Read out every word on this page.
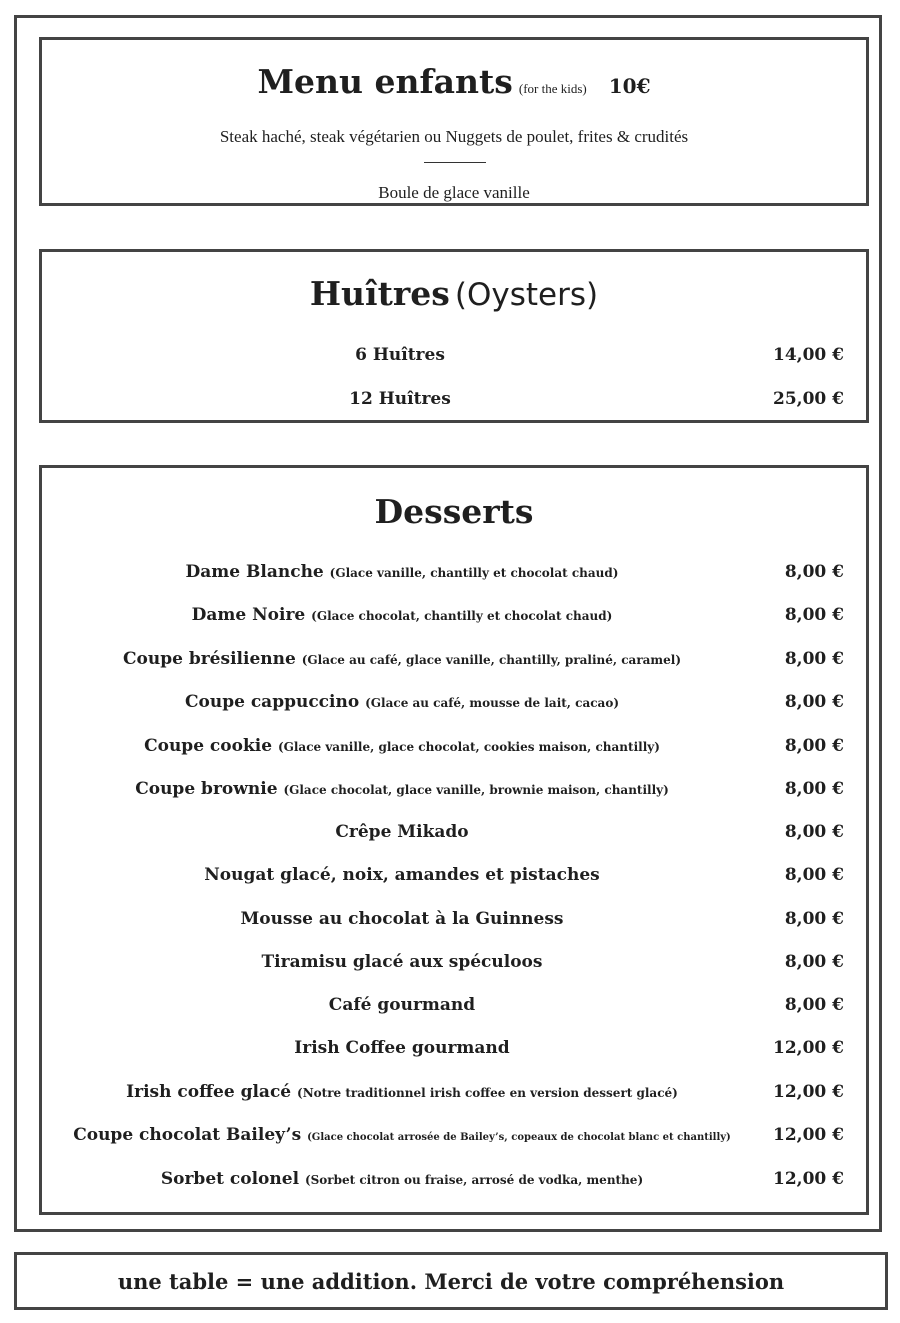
Menu enfants (for the kids) 10€
Steak haché, steak végétarien ou Nuggets de poulet, frites & crudités
Boule de glace vanille
Huîtres (Oysters)
6 Huîtres	14,00 €
12 Huîtres	25,00 €
Desserts
Dame Blanche (Glace vanille, chantilly et chocolat chaud)	8,00 €
Dame Noire (Glace chocolat, chantilly et chocolat chaud)	8,00 €
Coupe brésilienne (Glace au café, glace vanille, chantilly, praliné, caramel)	8,00 €
Coupe cappuccino (Glace au café, mousse de lait, cacao)	8,00 €
Coupe cookie (Glace vanille, glace chocolat, cookies maison, chantilly)	8,00 €
Coupe brownie (Glace chocolat, glace vanille, brownie maison, chantilly)	8,00 €
Crêpe Mikado	8,00 €
Nougat glacé, noix, amandes et pistaches	8,00 €
Mousse au chocolat à la Guinness	8,00 €
Tiramisu glacé aux spéculoos	8,00 €
Café gourmand	8,00 €
Irish Coffee gourmand	12,00 €
Irish coffee glacé (Notre traditionnel irish coffee en version dessert glacé)	12,00 €
Coupe chocolat Bailey’s (Glace chocolat arrosée de Bailey’s, copeaux de chocolat blanc et chantilly)	12,00 €
Sorbet colonel (Sorbet citron ou fraise, arrosé de vodka, menthe)	12,00 €
une table = une addition. Merci de votre compréhension
